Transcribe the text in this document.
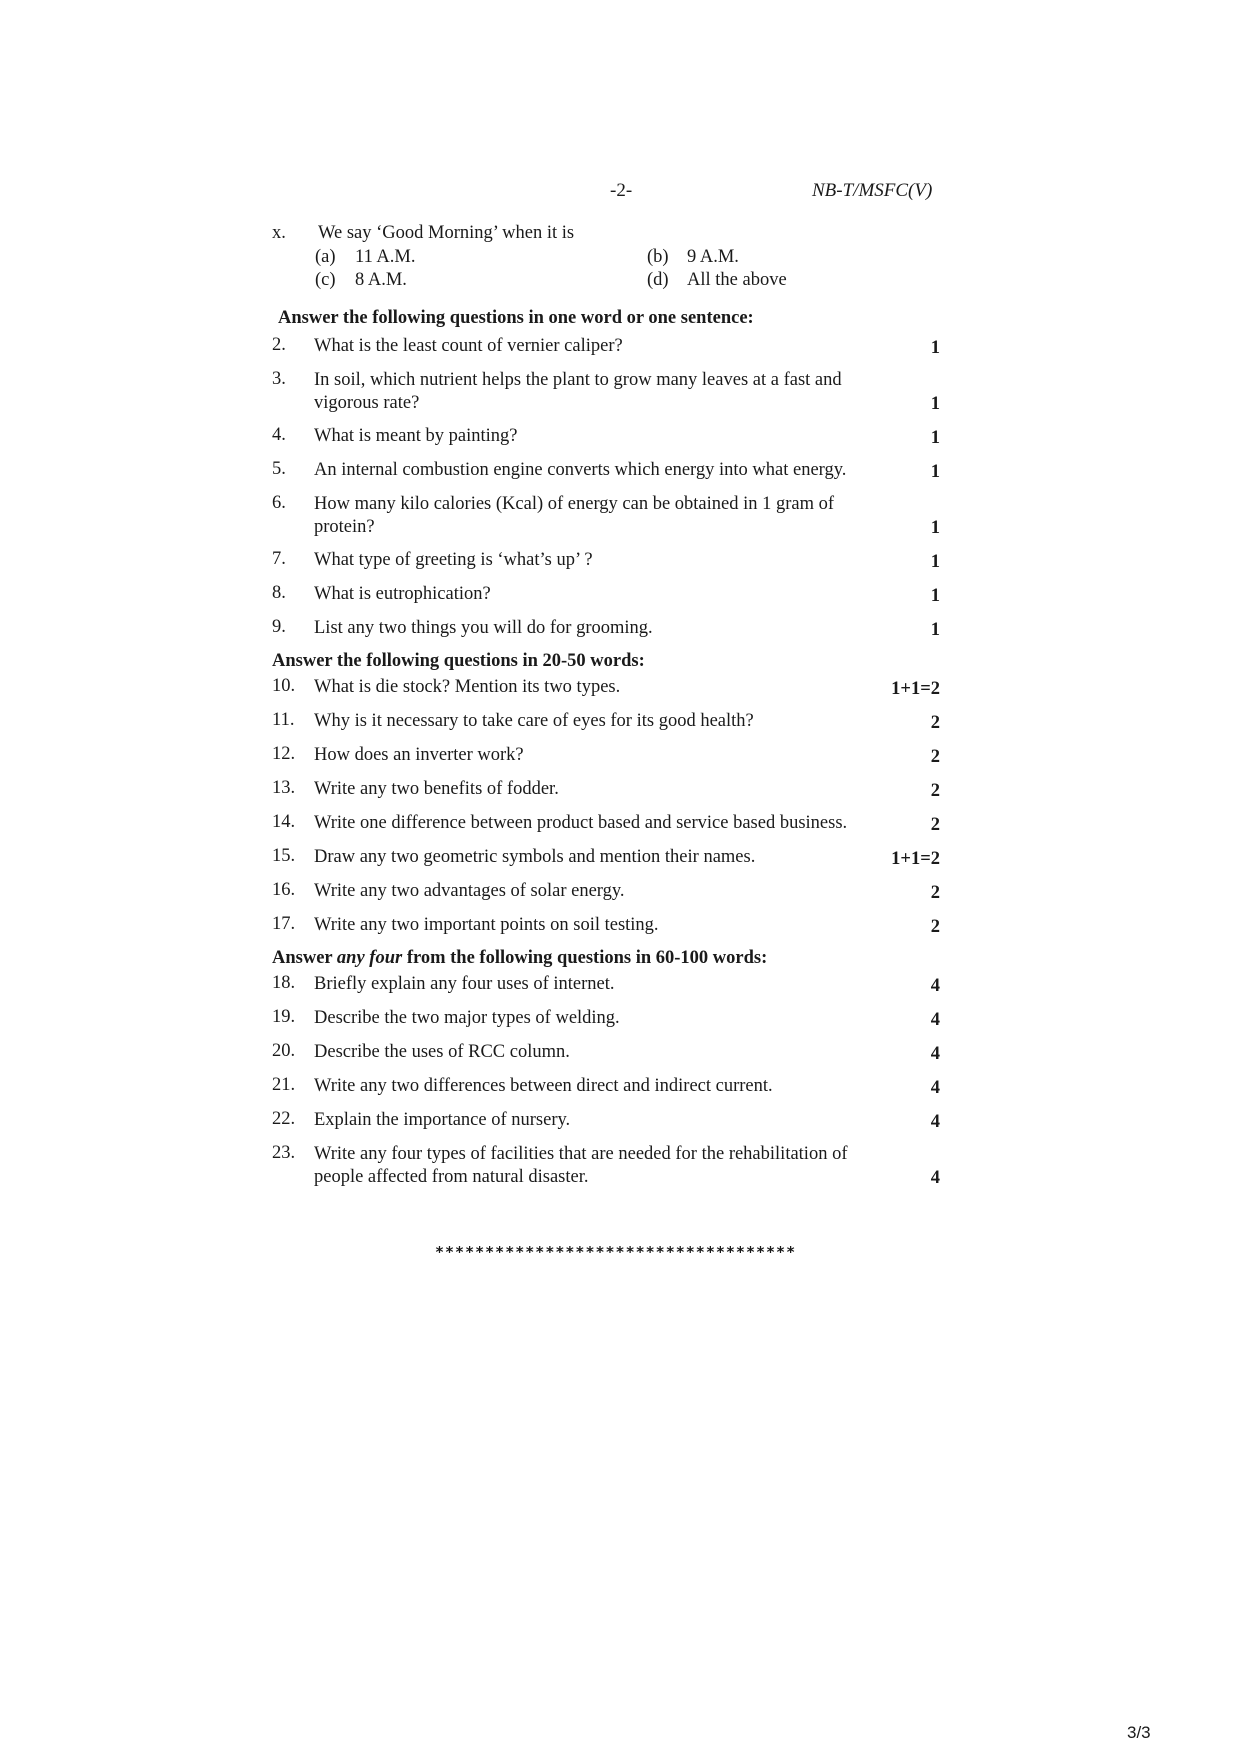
-2-	NB-T/MSFC(V)
x. We say ‘Good Morning’ when it is
(a) 11 A.M.	(b) 9 A.M.
(c) 8 A.M.	(d) All the above
Answer the following questions in one word or one sentence:
2. What is the least count of vernier caliper?	1
3. In soil, which nutrient helps the plant to grow many leaves at a fast and vigorous rate?	1
4. What is meant by painting?	1
5. An internal combustion engine converts which energy into what energy.	1
6. How many kilo calories (Kcal) of energy can be obtained in 1 gram of protein?	1
7. What type of greeting is ‘what’s up’ ?	1
8. What is eutrophication?	1
9. List any two things you will do for grooming.	1
Answer the following questions in 20-50 words:
10. What is die stock? Mention its two types.	1+1=2
11. Why is it necessary to take care of eyes for its good health?	2
12. How does an inverter work?	2
13. Write any two benefits of fodder.	2
14. Write one difference between product based and service based business.	2
15. Draw any two geometric symbols and mention their names.	1+1=2
16. Write any two advantages of solar energy.	2
17. Write any two important points on soil testing.	2
Answer any four from the following questions in 60-100 words:
18. Briefly explain any four uses of internet.	4
19. Describe the two major types of welding.	4
20. Describe the uses of RCC column.	4
21. Write any two differences between direct and indirect current.	4
22. Explain the importance of nursery.	4
23. Write any four types of facilities that are needed for the rehabilitation of people affected from natural disaster.	4
************************************
3/3
